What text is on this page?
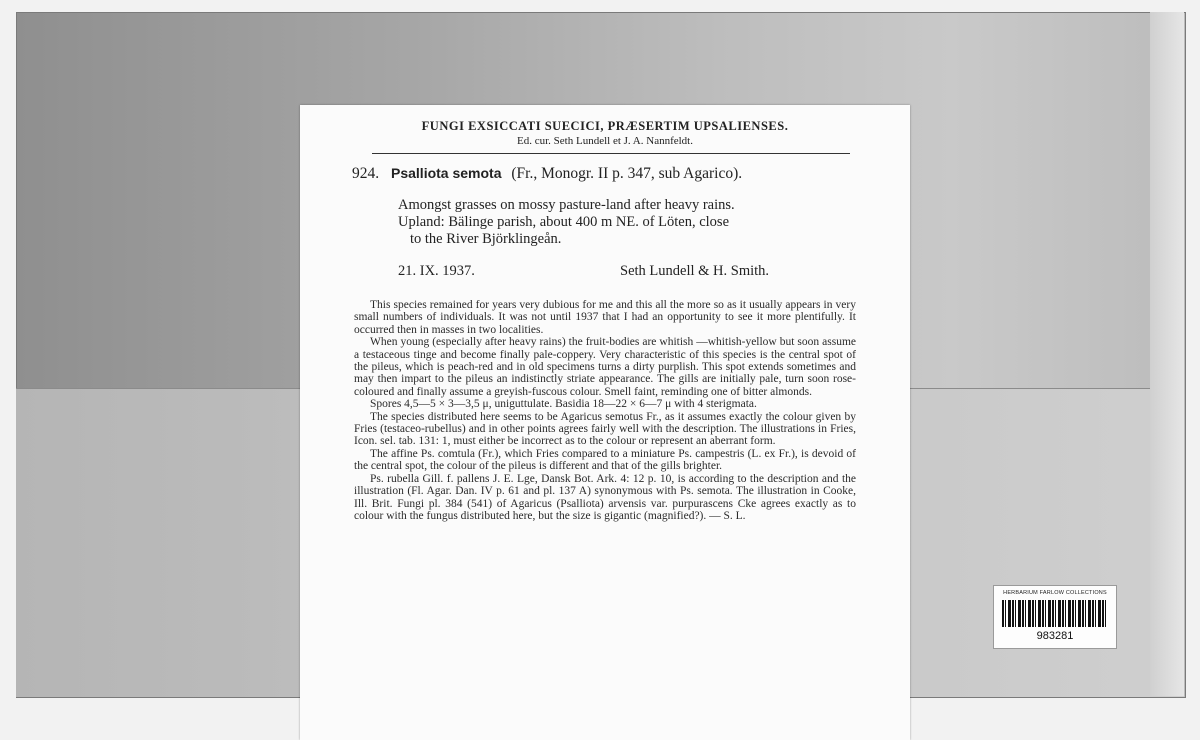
FUNGI EXSICCATI SUECICI, PRÆSERTIM UPSALIENSES.
Ed. cur. Seth Lundell et J. A. Nannfeldt.
924. Psalliota semota (Fr., Monogr. II p. 347, sub Agarico).
Amongst grasses on mossy pasture-land after heavy rains.
Upland: Bälinge parish, about 400 m NE. of Löten, close
to the River Björklingeån.
21. IX. 1937.	Seth Lundell & H. Smith.

This species remained for years very dubious for me and this all the more so as it usually appears in very small numbers of individuals. It was not until 1937 that I had an opportunity to see it more plentifully. It occurred then in masses in two localities.

When young (especially after heavy rains) the fruit-bodies are whitish —whitish-yellow but soon assume a testaceous tinge and become finally pale-coppery. Very characteristic of this species is the central spot of the pileus, which is peach-red and in old specimens turns a dirty purplish. This spot extends sometimes and may then impart to the pileus an indistinctly striate appearance. The gills are initially pale, turn soon rose-coloured and finally assume a greyish-fuscous colour. Smell faint, reminding one of bitter almonds.

Spores 4,5—5 × 3—3,5 μ, uniguttulate. Basidia 18—22 × 6—7 μ with 4 sterigmata.

The species distributed here seems to be Agaricus semotus Fr., as it assumes exactly the colour given by Fries (testaceo-rubellus) and in other points agrees fairly well with the description. The illustrations in Fries, Icon. sel. tab. 131: 1, must either be incorrect as to the colour or represent an aberrant form.

The affine Ps. comtula (Fr.), which Fries compared to a miniature Ps. campestris (L. ex Fr.), is devoid of the central spot, the colour of the pileus is different and that of the gills brighter.

Ps. rubella Gill. f. pallens J. E. Lge, Dansk Bot. Ark. 4: 12 p. 10, is according to the description and the illustration (Fl. Agar. Dan. IV p. 61 and pl. 137 A) synonymous with Ps. semota. The illustration in Cooke, Ill. Brit. Fungi pl. 384 (541) of Agaricus (Psalliota) arvensis var. purpurascens Cke agrees exactly as to colour with the fungus distributed here, but the size is gigantic (magnified?). — S. L.

HERBARIUM FARLOW COLLECTIONS
983281
